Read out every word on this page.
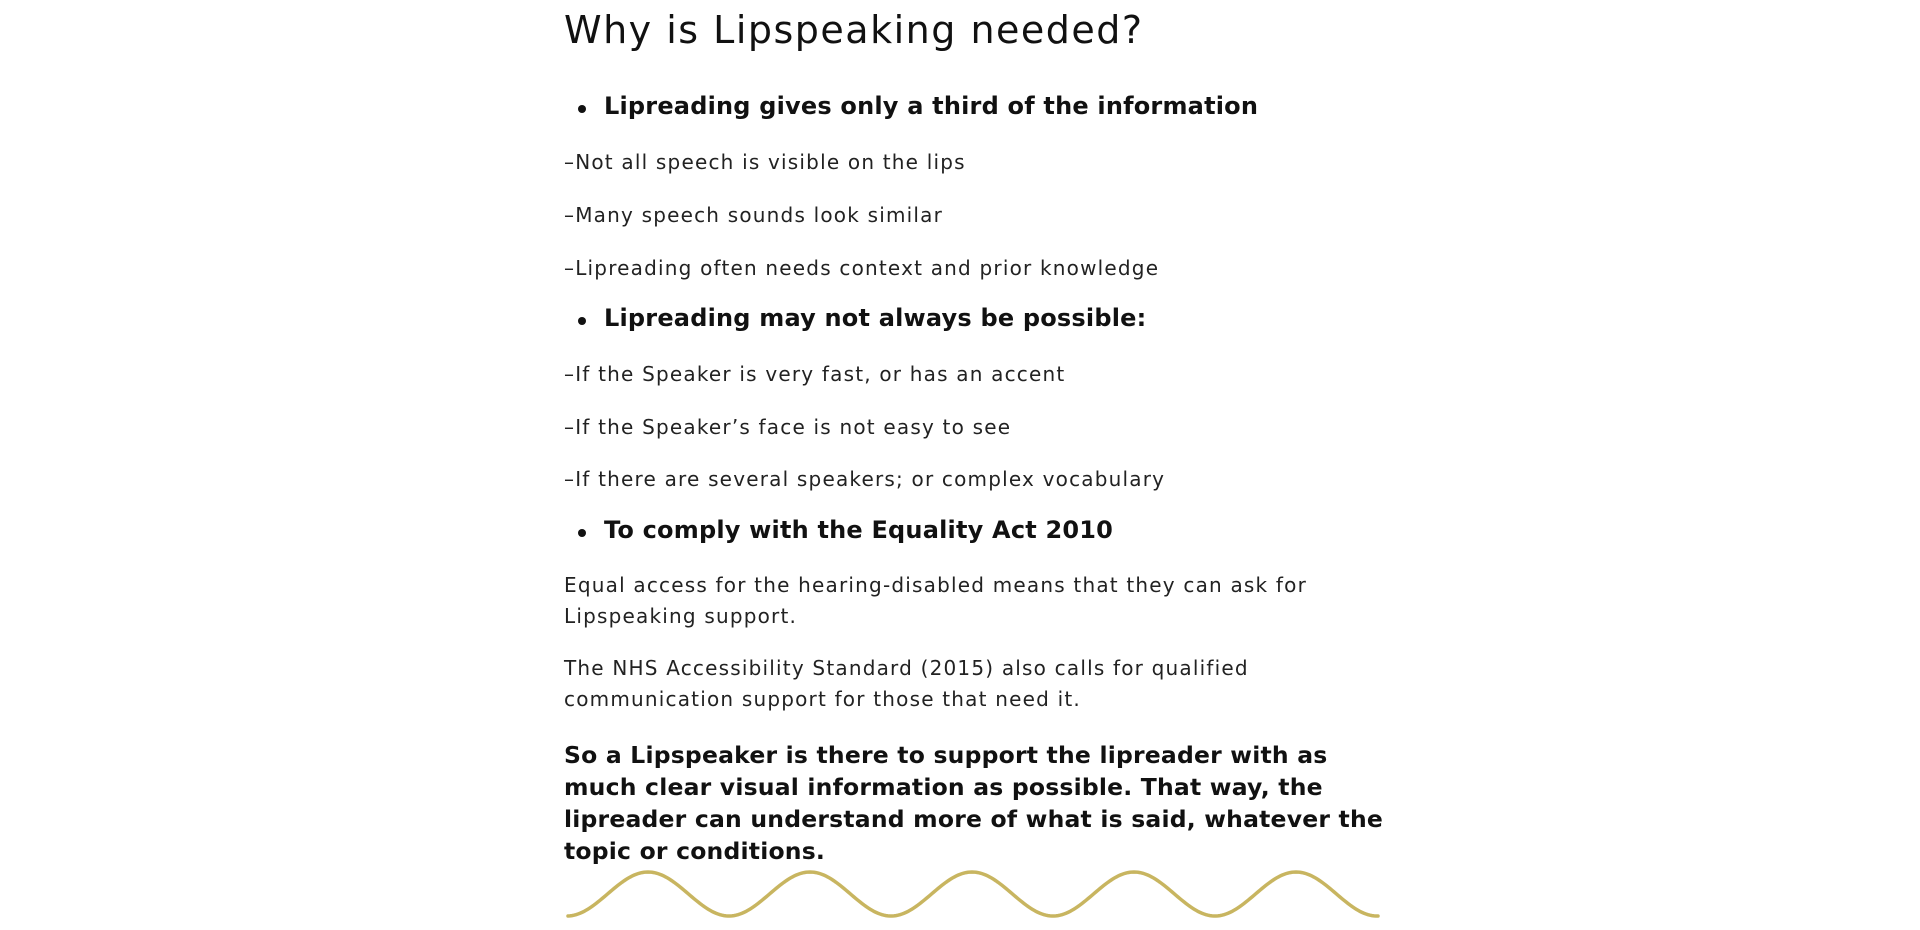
Why is Lipspeaking needed?
Lipreading gives only a third of the information

–Not all speech is visible on the lips

–Many speech sounds look similar

–Lipreading often needs context and prior knowledge

Lipreading may not always be possible:

–If the Speaker is very fast, or has an accent

–If the Speaker’s face is not easy to see

–If there are several speakers; or complex vocabulary

To comply with the Equality Act 2010

Equal access for the hearing-disabled means that they can ask for Lipspeaking support.

The NHS Accessibility Standard (2015) also calls for qualified communication support for those that need it.

So a Lipspeaker is there to support the lipreader with as much clear visual information as possible. That way, the lipreader can understand more of what is said, whatever the topic or conditions.
